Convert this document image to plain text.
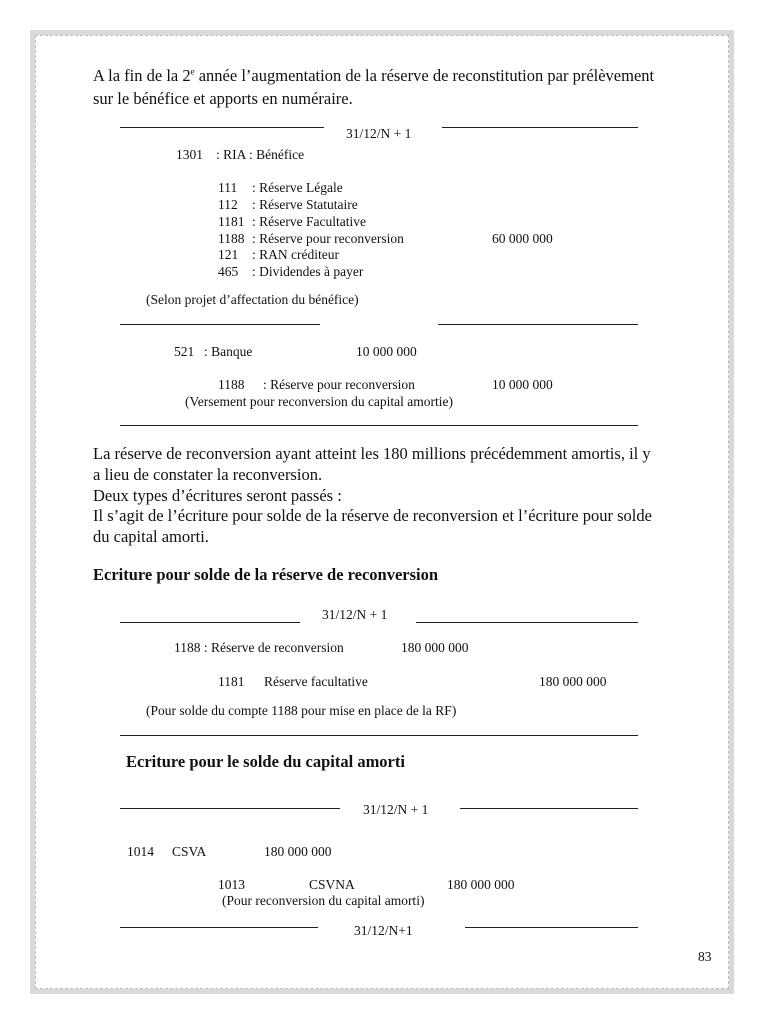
A la fin de la 2e année l’augmentation de la réserve de reconstitution par prélèvement
sur le bénéfice et apports en numéraire.
31/12/N + 1
1301 : RIA : Bénéfice
111 : Réserve Légale
112 : Réserve Statutaire
1181 : Réserve Facultative
1188 : Réserve pour reconversion	60 000 000
121 : RAN créditeur
465 : Dividendes à payer
(Selon projet d’affectation du bénéfice)
521 : Banque	10 000 000
1188 : Réserve pour reconversion	10 000 000
(Versement pour reconversion du capital amortie)
La réserve de reconversion ayant atteint les 180 millions précédemment amortis, il y
a lieu de constater la reconversion.
Deux types d’écritures seront passés :
Il s’agit de l’écriture pour solde de la réserve de reconversion et l’écriture pour solde
du capital amorti.
Ecriture pour solde de la réserve de reconversion
31/12/N + 1
1188 : Réserve de reconversion	180 000 000
1181 Réserve facultative	180 000 000
(Pour solde du compte 1188 pour mise en place de la RF)
Ecriture pour le solde du capital amorti
31/12/N + 1
1014 CSVA	180 000 000
1013	CSVNA	180 000 000
(Pour reconversion du capital amorti)
31/12/N+1
83
